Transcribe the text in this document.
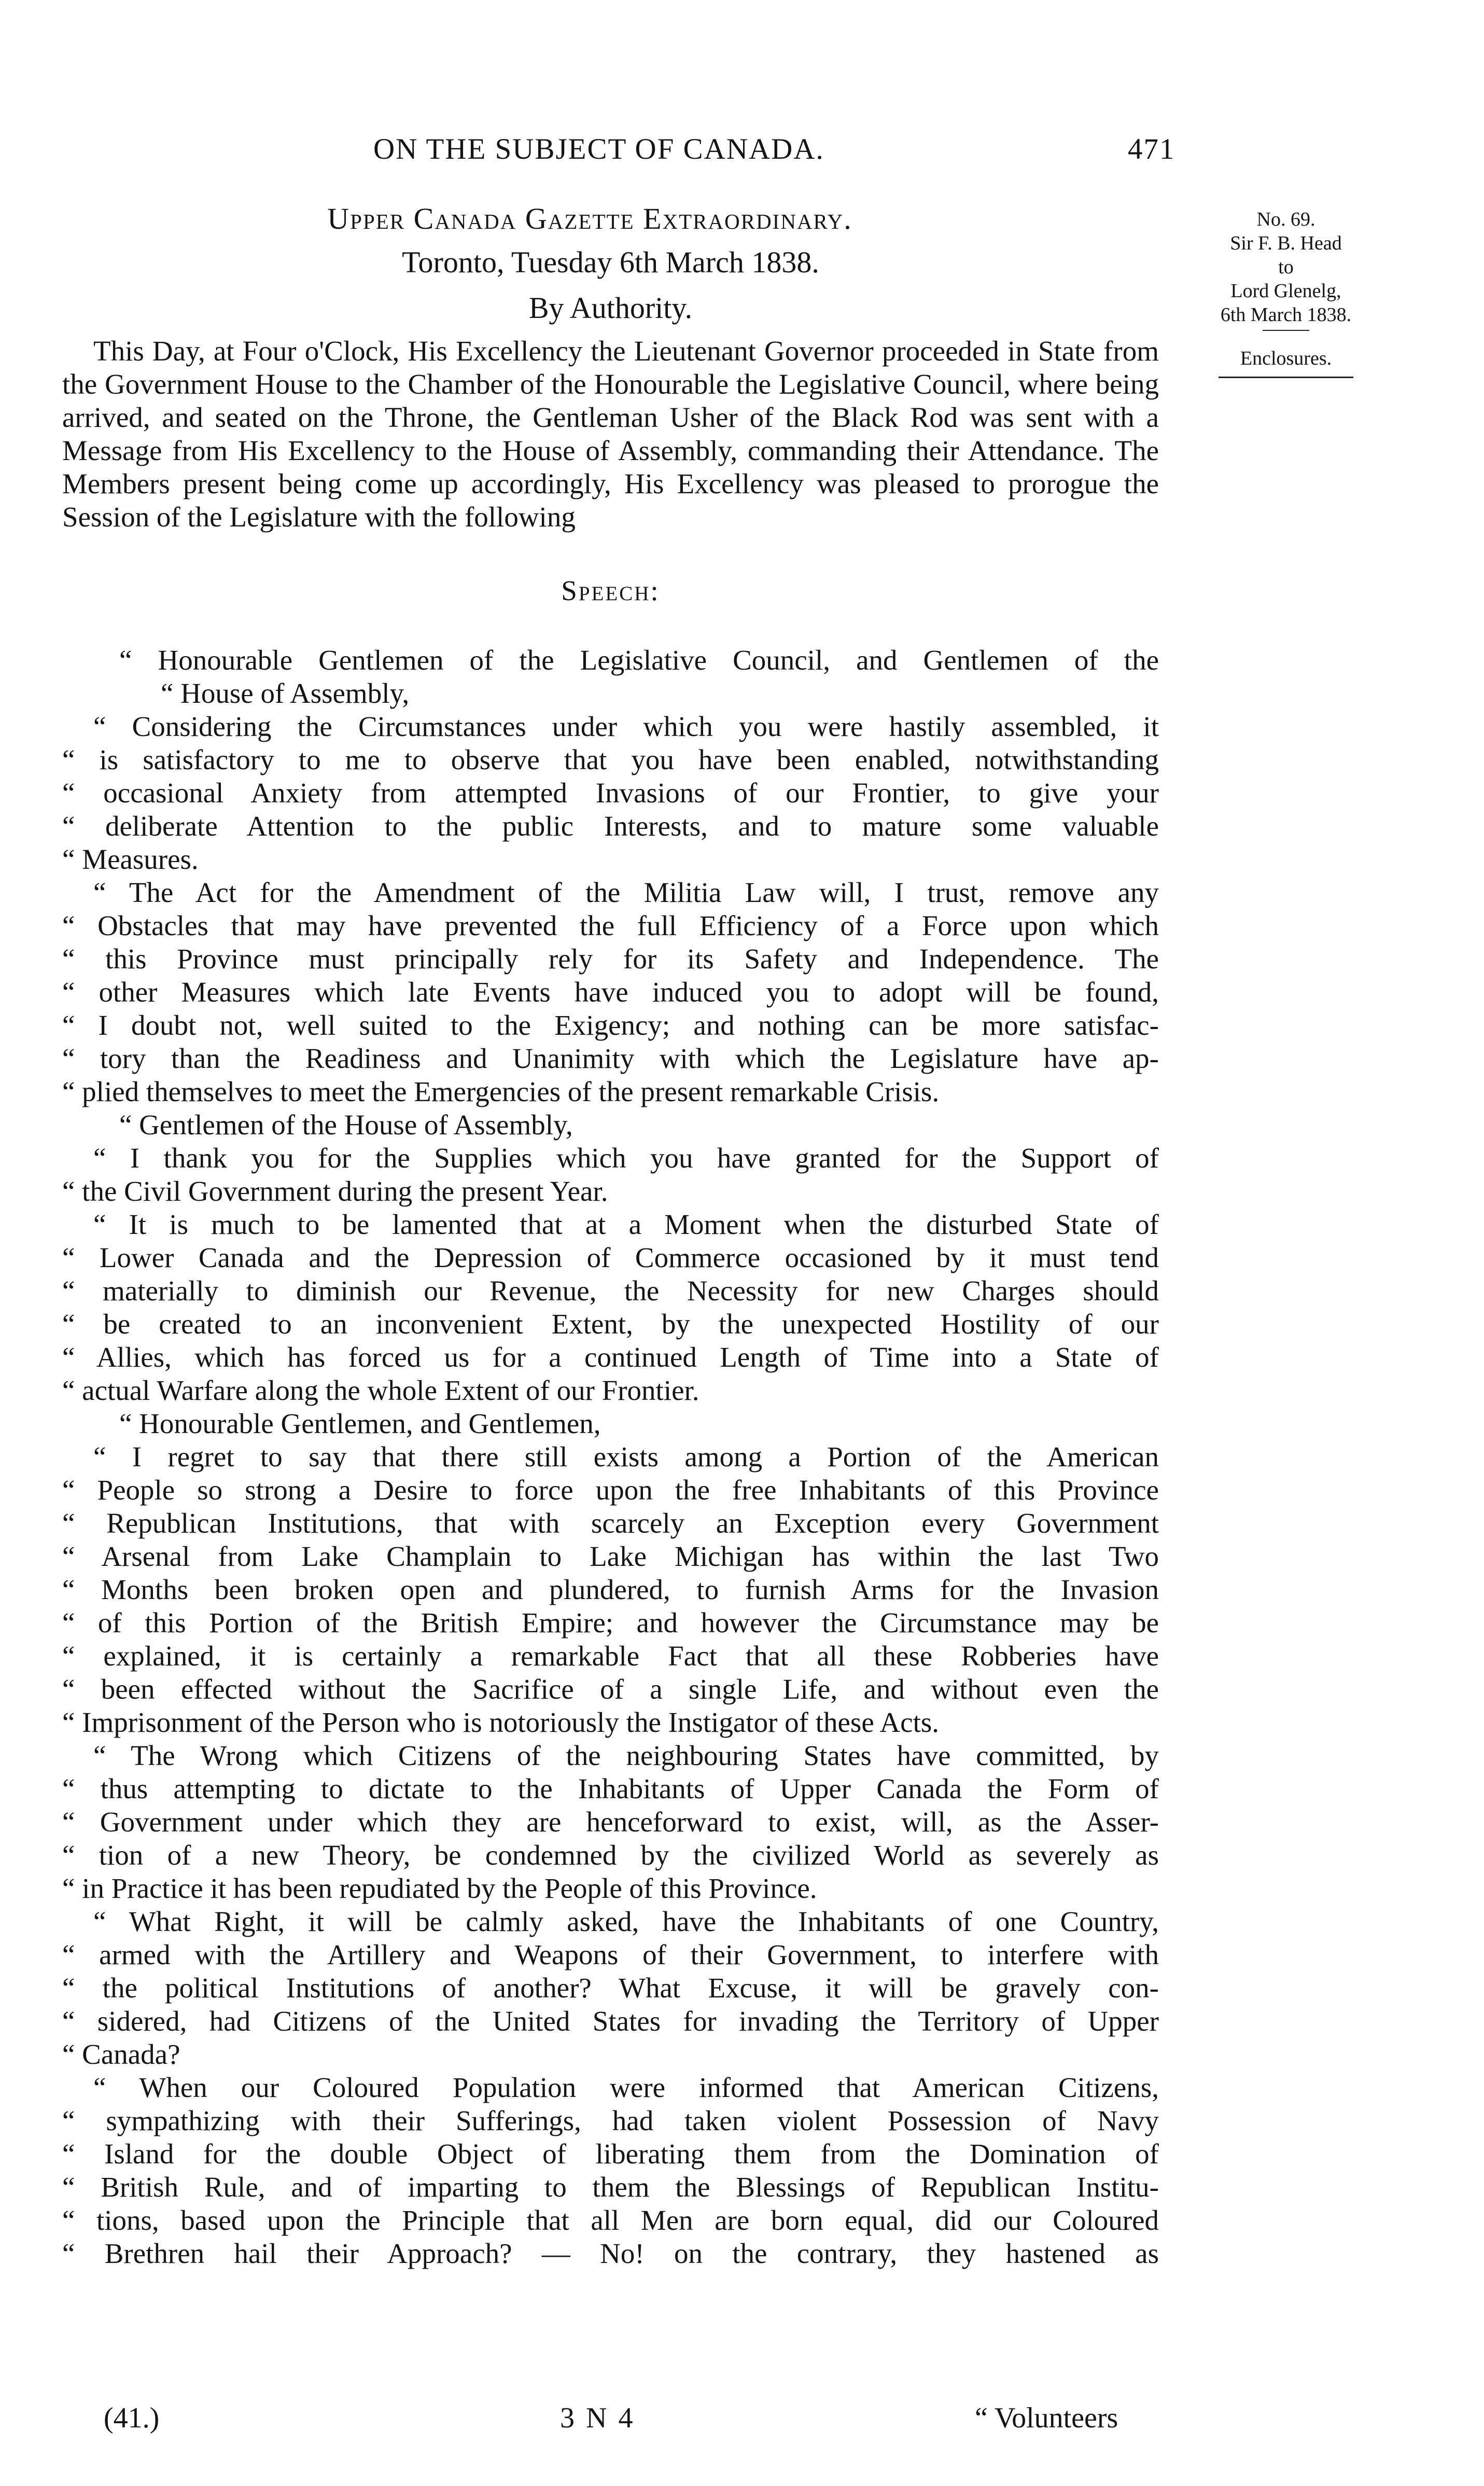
ON THE SUBJECT OF CANADA.	471
No. 69.
Sir F. B. Head
to
Lord Glenelg,
6th March 1838.
Enclosures.
Upper Canada Gazette Extraordinary.
Toronto, Tuesday 6th March 1838.
By Authority.

This Day, at Four o'Clock, His Excellency the Lieutenant Governor proceeded in State from the Government House to the Chamber of the Honourable the Legislative Council, where being arrived, and seated on the Throne, the Gentleman Usher of the Black Rod was sent with a Message from His Excellency to the House of Assembly, commanding their Attendance. The Members present being come up accordingly, His Excellency was pleased to prorogue the Session of the Legislature with the following

Speech:
“ Honourable Gentlemen of the Legislative Council, and Gentlemen of the
“ House of Assembly,
“ Considering the Circumstances under which you were hastily assembled, it
“ is satisfactory to me to observe that you have been enabled, notwithstanding
“ occasional Anxiety from attempted Invasions of our Frontier, to give your
“ deliberate Attention to the public Interests, and to mature some valuable
“ Measures.
“ The Act for the Amendment of the Militia Law will, I trust, remove any
“ Obstacles that may have prevented the full Efficiency of a Force upon which
“ this Province must principally rely for its Safety and Independence. The
“ other Measures which late Events have induced you to adopt will be found,
“ I doubt not, well suited to the Exigency; and nothing can be more satisfac-
“ tory than the Readiness and Unanimity with which the Legislature have ap-
“ plied themselves to meet the Emergencies of the present remarkable Crisis.
“ Gentlemen of the House of Assembly,
“ I thank you for the Supplies which you have granted for the Support of
“ the Civil Government during the present Year.
“ It is much to be lamented that at a Moment when the disturbed State of
“ Lower Canada and the Depression of Commerce occasioned by it must tend
“ materially to diminish our Revenue, the Necessity for new Charges should
“ be created to an inconvenient Extent, by the unexpected Hostility of our
“ Allies, which has forced us for a continued Length of Time into a State of
“ actual Warfare along the whole Extent of our Frontier.
“ Honourable Gentlemen, and Gentlemen,
“ I regret to say that there still exists among a Portion of the American
“ People so strong a Desire to force upon the free Inhabitants of this Province
“ Republican Institutions, that with scarcely an Exception every Government
“ Arsenal from Lake Champlain to Lake Michigan has within the last Two
“ Months been broken open and plundered, to furnish Arms for the Invasion
“ of this Portion of the British Empire; and however the Circumstance may be
“ explained, it is certainly a remarkable Fact that all these Robberies have
“ been effected without the Sacrifice of a single Life, and without even the
“ Imprisonment of the Person who is notoriously the Instigator of these Acts.
“ The Wrong which Citizens of the neighbouring States have committed, by
“ thus attempting to dictate to the Inhabitants of Upper Canada the Form of
“ Government under which they are henceforward to exist, will, as the Asser-
“ tion of a new Theory, be condemned by the civilized World as severely as
“ in Practice it has been repudiated by the People of this Province.
“ What Right, it will be calmly asked, have the Inhabitants of one Country,
“ armed with the Artillery and Weapons of their Government, to interfere with
“ the political Institutions of another? What Excuse, it will be gravely con-
“ sidered, had Citizens of the United States for invading the Territory of Upper
“ Canada?
“ When our Coloured Population were informed that American Citizens,
“ sympathizing with their Sufferings, had taken violent Possession of Navy
“ Island for the double Object of liberating them from the Domination of
“ British Rule, and of imparting to them the Blessings of Republican Institu-
“ tions, based upon the Principle that all Men are born equal, did our Coloured
“ Brethren hail their Approach? — No! on the contrary, they hastened as
(41.)	3 N 4	“ Volunteers
